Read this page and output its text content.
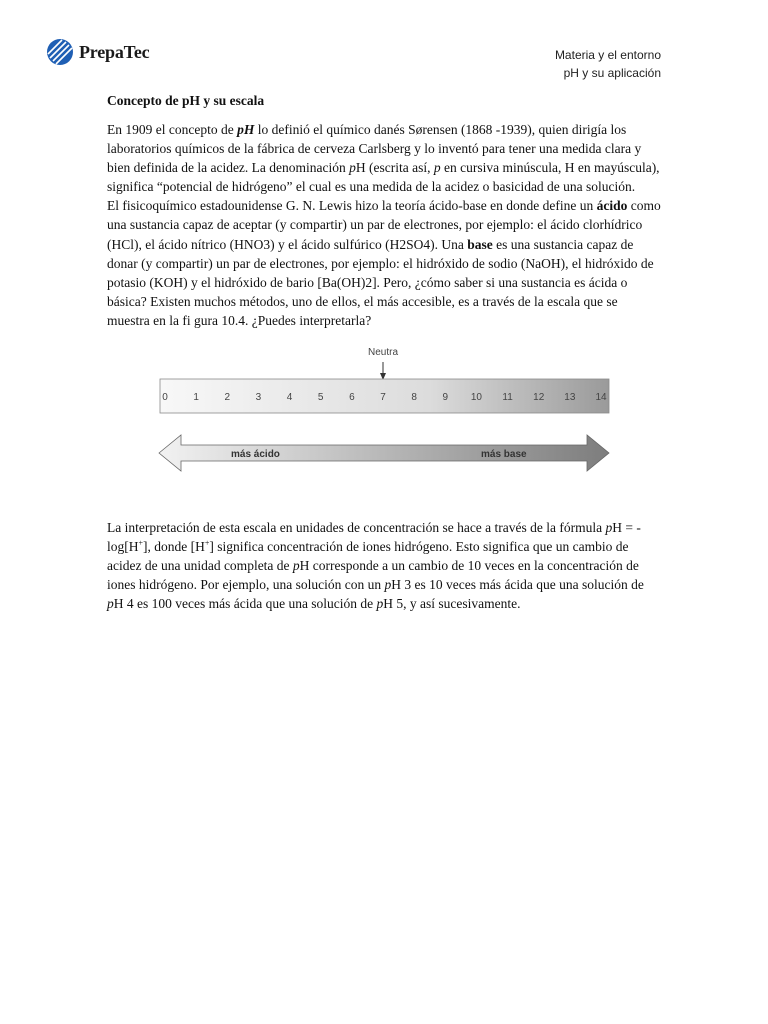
PrepaTec	Materia y el entorno
pH y su aplicación
Concepto de pH y su escala

En 1909 el concepto de pH lo definió el químico danés Sørensen (1868 -1939), quien dirigía los laboratorios químicos de la fábrica de cerveza Carlsberg y lo inventó para tener una medida clara y bien definida de la acidez. La denominación pH (escrita así, p en cursiva minúscula, H en mayúscula), significa “potencial de hidrógeno” el cual es una medida de la acidez o basicidad de una solución.

El fisicoquímico estadounidense G. N. Lewis hizo la teoría ácido-base en donde define un ácido como una sustancia capaz de aceptar (y compartir) un par de electrones, por ejemplo: el ácido clorhídrico (HCl), el ácido nítrico (HNO3) y el ácido sulfúrico (H2SO4). Una base es una sustancia capaz de donar (y compartir) un par de electrones, por ejemplo: el hidróxido de sodio (NaOH), el hidróxido de potasio (KOH) y el hidróxido de bario [Ba(OH)2]. Pero, ¿cómo saber si una sustancia es ácida o básica? Existen muchos métodos, uno de ellos, el más accesible, es a través de la escala que se muestra en la fi gura 10.4. ¿Puedes interpretarla?

Neutra
0	1	2	3	4	5	6	7	8	9 10 11 12 13 14
más ácido	más base

La interpretación de esta escala en unidades de concentración se hace a través de la fórmula pH = -log[H+], donde [H+] significa concentración de iones hidrógeno. Esto significa que un cambio de acidez de una unidad completa de pH corresponde a un cambio de 10 veces en la concentración de iones hidrógeno. Por ejemplo, una solución con un pH 3 es 10 veces más ácida que una solución de pH 4 es 100 veces más ácida que una solución de pH 5, y así sucesivamente.
